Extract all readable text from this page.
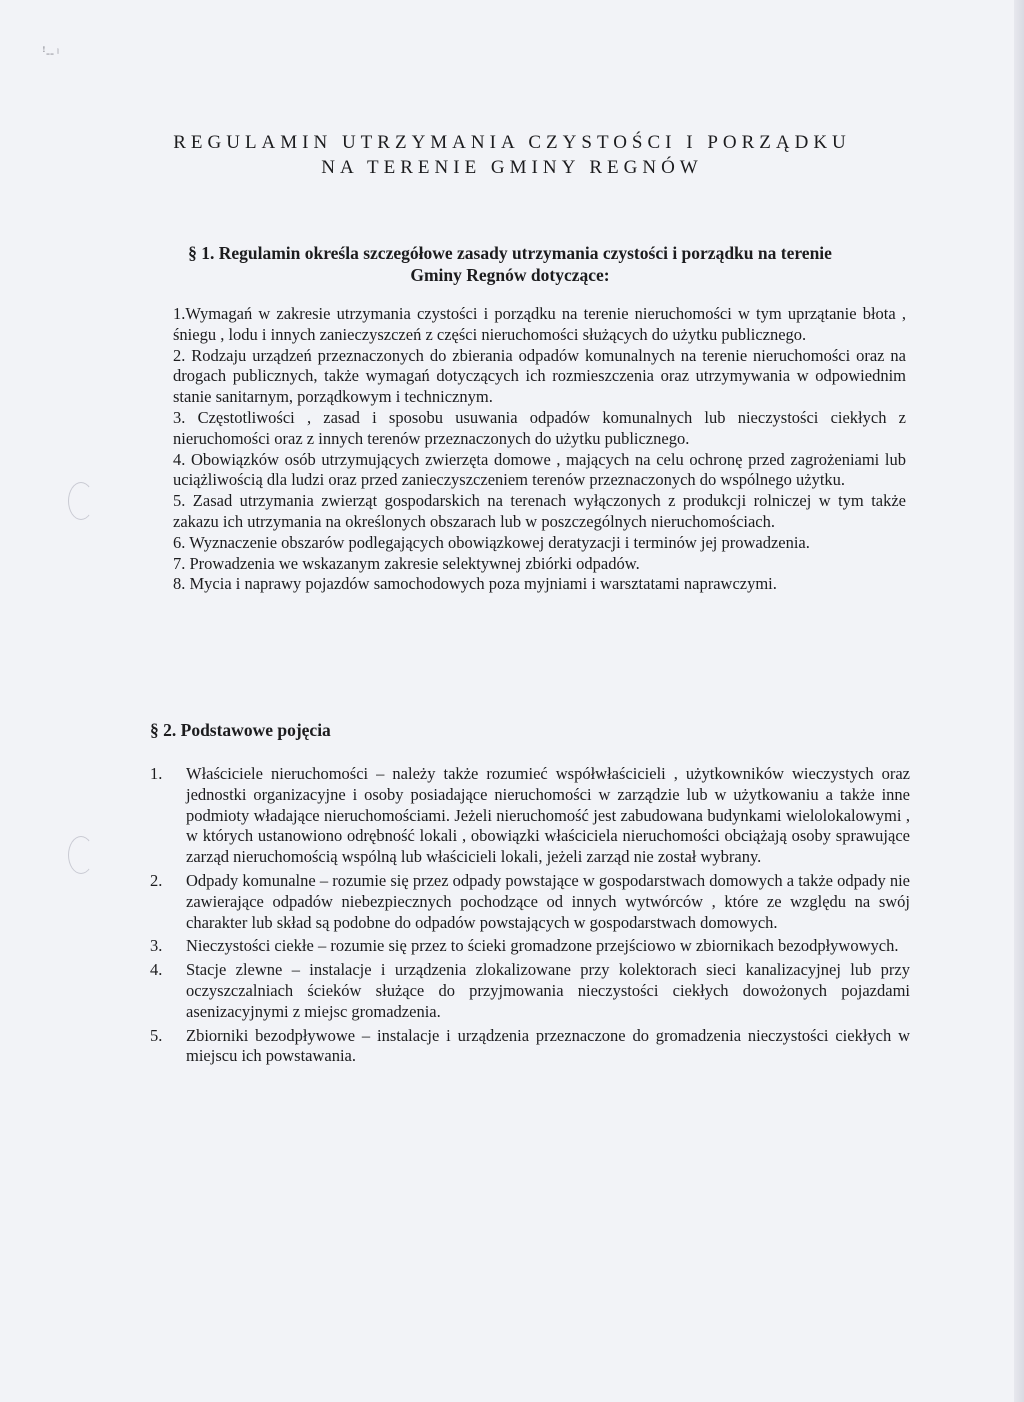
ꜝ‑‑ ˡ
REGULAMIN UTRZYMANIA CZYSTOŚCI I PORZĄDKU
NA TERENIE GMINY REGNÓW
§ 1. Regulamin określa szczegółowe zasady utrzymania czystości i porządku na terenie
Gminy Regnów dotyczące:

1.Wymagań w zakresie utrzymania czystości i porządku na terenie nieruchomości w tym uprzątanie błota , śniegu , lodu i innych zanieczyszczeń z części nieruchomości służących do użytku publicznego.

2. Rodzaju urządzeń przeznaczonych do zbierania odpadów komunalnych na terenie nieruchomości oraz na drogach publicznych, także wymagań dotyczących ich rozmieszczenia oraz utrzymywania w odpowiednim stanie sanitarnym, porządkowym i technicznym.

3. Częstotliwości , zasad i sposobu usuwania odpadów komunalnych lub nieczystości ciekłych z nieruchomości oraz z innych terenów przeznaczonych do użytku publicznego.

4. Obowiązków osób utrzymujących zwierzęta domowe , mających na celu ochronę przed zagrożeniami lub uciążliwością dla ludzi oraz przed zanieczyszczeniem terenów przeznaczonych do wspólnego użytku.

5. Zasad utrzymania zwierząt gospodarskich na terenach wyłączonych z produkcji rolniczej w tym także zakazu ich utrzymania na określonych obszarach lub w poszczególnych nieruchomościach.

6. Wyznaczenie obszarów podlegających obowiązkowej deratyzacji i terminów jej prowadzenia.

7. Prowadzenia we wskazanym zakresie selektywnej zbiórki odpadów.

8. Mycia i naprawy pojazdów samochodowych poza myjniami i warsztatami naprawczymi.

§ 2. Podstawowe pojęcia
1.	Właściciele nieruchomości – należy także rozumieć współwłaścicieli , użytkowników wieczystych oraz jednostki organizacyjne i osoby posiadające nieruchomości w zarządzie lub w użytkowaniu a także inne podmioty władające nieruchomościami. Jeżeli nieruchomość jest zabudowana budynkami wielolokalowymi , w których ustanowiono odrębność lokali , obowiązki właściciela nieruchomości obciążają osoby sprawujące zarząd nieruchomością wspólną lub właścicieli lokali, jeżeli zarząd nie został wybrany.
2.	Odpady komunalne – rozumie się przez odpady powstające w gospodarstwach domowych a także odpady nie zawierające odpadów niebezpiecznych pochodzące od innych wytwórców , które ze względu na swój charakter lub skład są podobne do odpadów powstających w gospodarstwach domowych.
3.	Nieczystości ciekłe – rozumie się przez to ścieki gromadzone przejściowo w zbiornikach bezodpływowych.
4.	Stacje zlewne – instalacje i urządzenia zlokalizowane przy kolektorach sieci kanalizacyjnej lub przy oczyszczalniach ścieków służące do przyjmowania nieczystości ciekłych dowożonych pojazdami asenizacyjnymi z miejsc gromadzenia.
5.	Zbiorniki bezodpływowe – instalacje i urządzenia przeznaczone do gromadzenia nieczystości ciekłych w miejscu ich powstawania.
